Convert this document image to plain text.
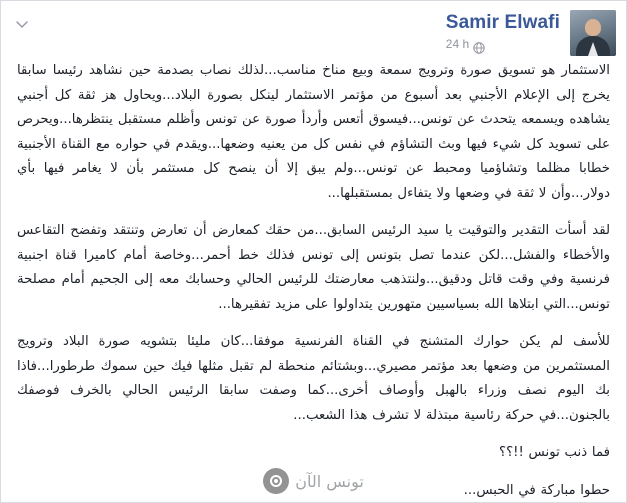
Samir Elwafi
24 h

الاستثمار هو تسويق صورة وترويج سمعة وبيع مناخ مناسب...لذلك نصاب بصدمة حين نشاهد رئيسا سابقا يخرج إلى الإعلام الأجنبي بعد أسبوع من مؤتمر الاستثمار لينكل بصورة البلاد...ويحاول هز ثقة كل أجنبي يشاهده ويسمعه يتحدث عن تونس...فيسوق أتعس وأردأ صورة عن تونس وأظلم مستقبل ينتظرها...ويحرص على تسويد كل شيء فيها وبث التشاؤم في نفس كل من يعنيه وضعها...ويقدم في حواره مع القناة الأجنبية خطابا مظلما وتشاؤميا ومحبط عن تونس...ولم يبق إلا أن ينصح كل مستثمر بأن لا يغامر فيها بأي دولار...وأن لا ثقة في وضعها ولا يتفاءل بمستقبلها...

لقد أسأت التقدير والتوقيت يا سيد الرئيس السابق...من حقك كمعارض أن تعارض وتنتقد وتفضح التقاعس والأخطاء والفشل...لكن عندما تصل بتونس إلى تونس فذلك خط أحمر...وخاصة أمام كاميرا قناة اجنبية فرنسية وفي وقت قاتل ودقيق...ولنتذهب معارضتك للرئيس الحالي وحسابك معه إلى الجحيم أمام مصلحة تونس...التي ابتلاها الله بسياسيين متهورين يتداولوا على مزيد تفقيرها...

للأسف لم يكن حوارك المتشنج في القناة الفرنسية موفقا...كان مليئا بتشويه صورة البلاد وترويج المستثمرين من وضعها بعد مؤتمر مصيري...وبشتائم منحطة لم تقبل مثلها فيك حين سموك طرطورا...فاذا بك اليوم نصف وزراء بالهبل وأوصاف أخرى...كما وصفت سابقا الرئيس الحالي بالخرف فوصفك بالجنون...في حركة رئاسية مبتذلة لا تشرف هذا الشعب...

فما ذنب تونس !!؟؟

حطوا مباركة في الحبس...

تونس الآن
